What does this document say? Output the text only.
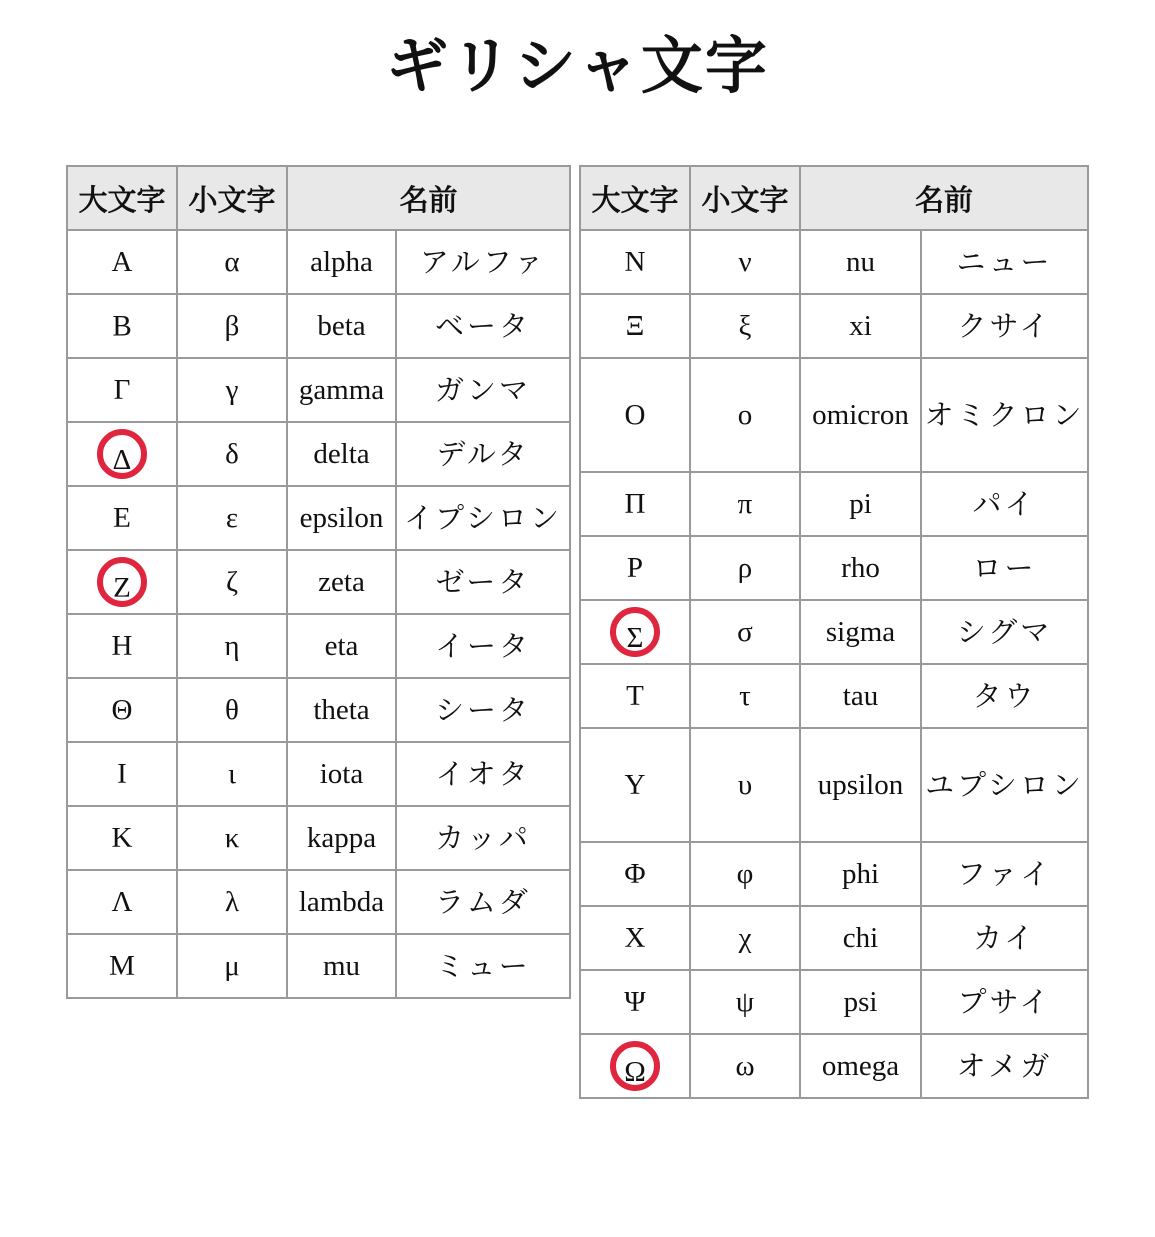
ギリシャ文字
大文字	小文字	名前	
Α	α	alpha	アルファ
Β	β	beta	ベータ
Γ	γ	gamma	ガンマ
Δ	δ	delta	デルタ
Ε	ε	epsilon	イプシロン
Ζ	ζ	zeta	ゼータ
Η	η	eta	イータ
Θ	θ	theta	シータ
Ι	ι	iota	イオタ
Κ	κ	kappa	カッパ
Λ	λ	lambda	ラムダ
Μ	μ	mu	ミュー
大文字	小文字	名前	
Ν	ν	nu	ニュー
Ξ	ξ	xi	クサイ
Ο	ο	omicron	オミクロン
Π	π	pi	パイ
Ρ	ρ	rho	ロー
Σ	σ	sigma	シグマ
Τ	τ	tau	タウ
Υ	υ	upsilon	ユプシロン
Φ	φ	phi	ファイ
Χ	χ	chi	カイ
Ψ	ψ	psi	プサイ
Ω	ω	omega	オメガ
